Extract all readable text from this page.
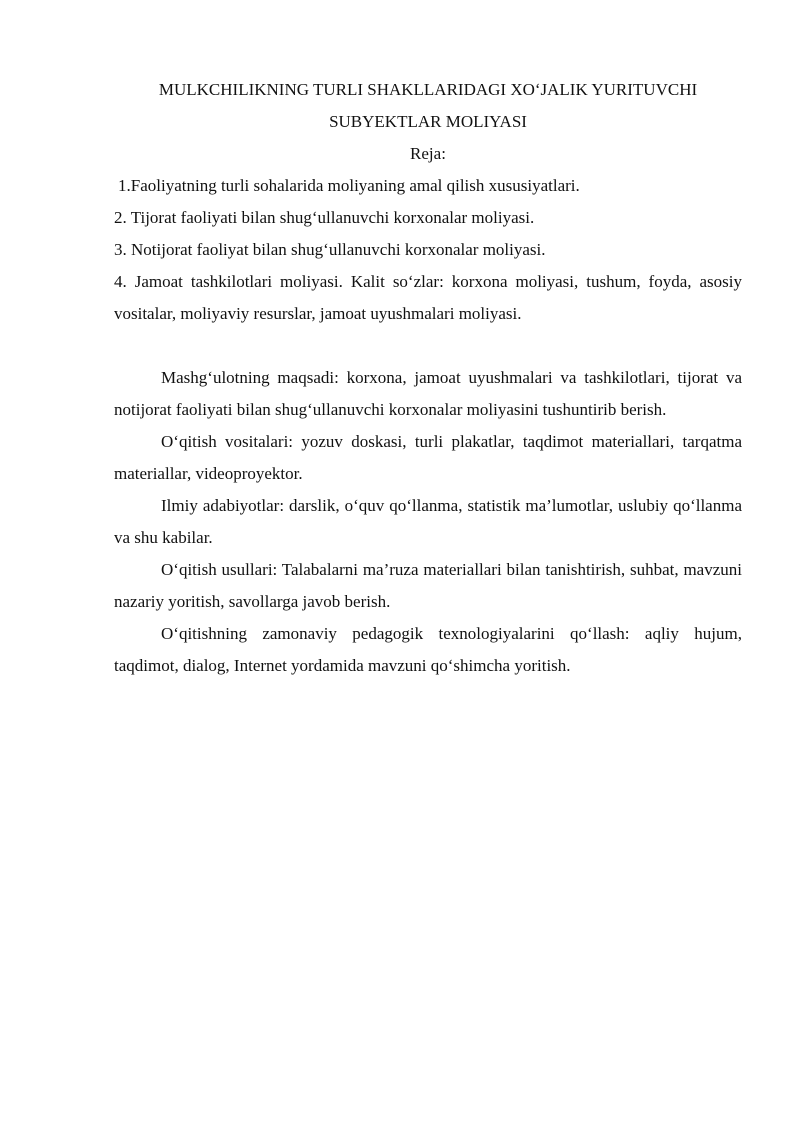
MULKCHILIKNING TURLI SHAKLLARIDAGI XO‘JALIK YURITUVCHI
SUBYEKTLAR MOLIYASI

Reja:

1.Faoliyatning turli sohalarida moliyaning amal qilish xususiyatlari.

2. Tijorat faoliyati bilan shug‘ullanuvchi korxonalar moliyasi.

3. Notijorat faoliyat bilan shug‘ullanuvchi korxonalar moliyasi.

4. Jamoat tashkilotlari moliyasi. Kalit so‘zlar: korxona moliyasi, tushum, foyda, asosiy vositalar, moliyaviy resurslar, jamoat uyushmalari moliyasi.

Mashg‘ulotning maqsadi: korxona, jamoat uyushmalari va tashkilotlari, tijorat va notijorat faoliyati bilan shug‘ullanuvchi korxonalar moliyasini tushuntirib berish.

O‘qitish vositalari: yozuv doskasi, turli plakatlar, taqdimot materiallari, tarqatma materiallar, videoproyektor.

Ilmiy adabiyotlar: darslik, o‘quv qo‘llanma, statistik ma’lumotlar, uslubiy qo‘llanma va shu kabilar.

O‘qitish usullari: Talabalarni ma’ruza materiallari bilan tanishtirish, suhbat, mavzuni nazariy yoritish, savollarga javob berish.

O‘qitishning zamonaviy pedagogik texnologiyalarini qo‘llash: aqliy hujum, taqdimot, dialog, Internet yordamida mavzuni qo‘shimcha yoritish.
